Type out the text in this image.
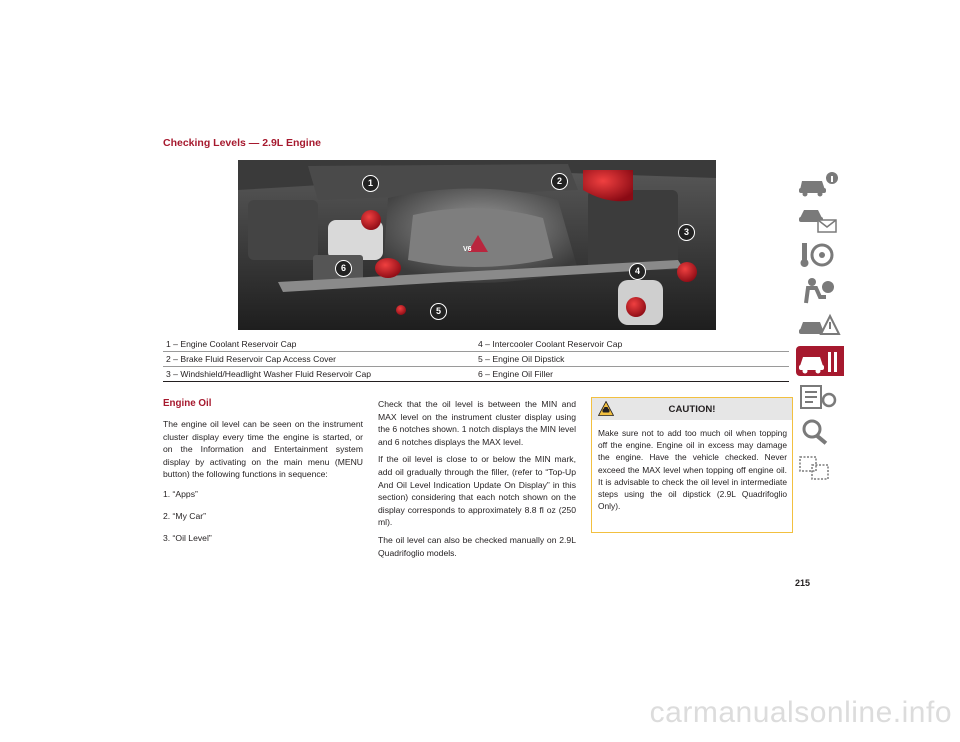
Checking Levels — 2.9L Engine
1	2
3
4
5
6
V6
1 – Engine Coolant Reservoir Cap	4 – Intercooler Coolant Reservoir Cap
2 – Brake Fluid Reservoir Cap Access Cover	5 – Engine Oil Dipstick
3 – Windshield/Headlight Washer Fluid Reservoir Cap	6 – Engine Oil Filler
Engine Oil

The engine oil level can be seen on the instrument cluster display every time the engine is started, or on the Information and Entertainment system display by activating on the main menu (MENU button) the following functions in sequence:

1. “Apps”
2. “My Car”
3. “Oil Level”

Check that the oil level is between the MIN and MAX level on the instrument cluster display using the 6 notches shown. 1 notch displays the MIN level and 6 notches displays the MAX level.

If the oil level is close to or below the MIN mark, add oil gradually through the filler, (refer to “Top-Up And Oil Level Indication Update On Display” in this section) considering that each notch shown on the display corresponds to approximately 8.8 fl oz (250 ml).

The oil level can also be checked manually on 2.9L Quadrifoglio models.

CAUTION!
Make sure not to add too much oil when topping off the engine. Engine oil in excess may damage the engine. Have the vehicle checked. Never exceed the MAX level when topping off engine oil. It is advisable to check the oil level in intermediate steps using the oil dipstick (2.9L Quadrifoglio Only).
215
carmanualsonline.info
